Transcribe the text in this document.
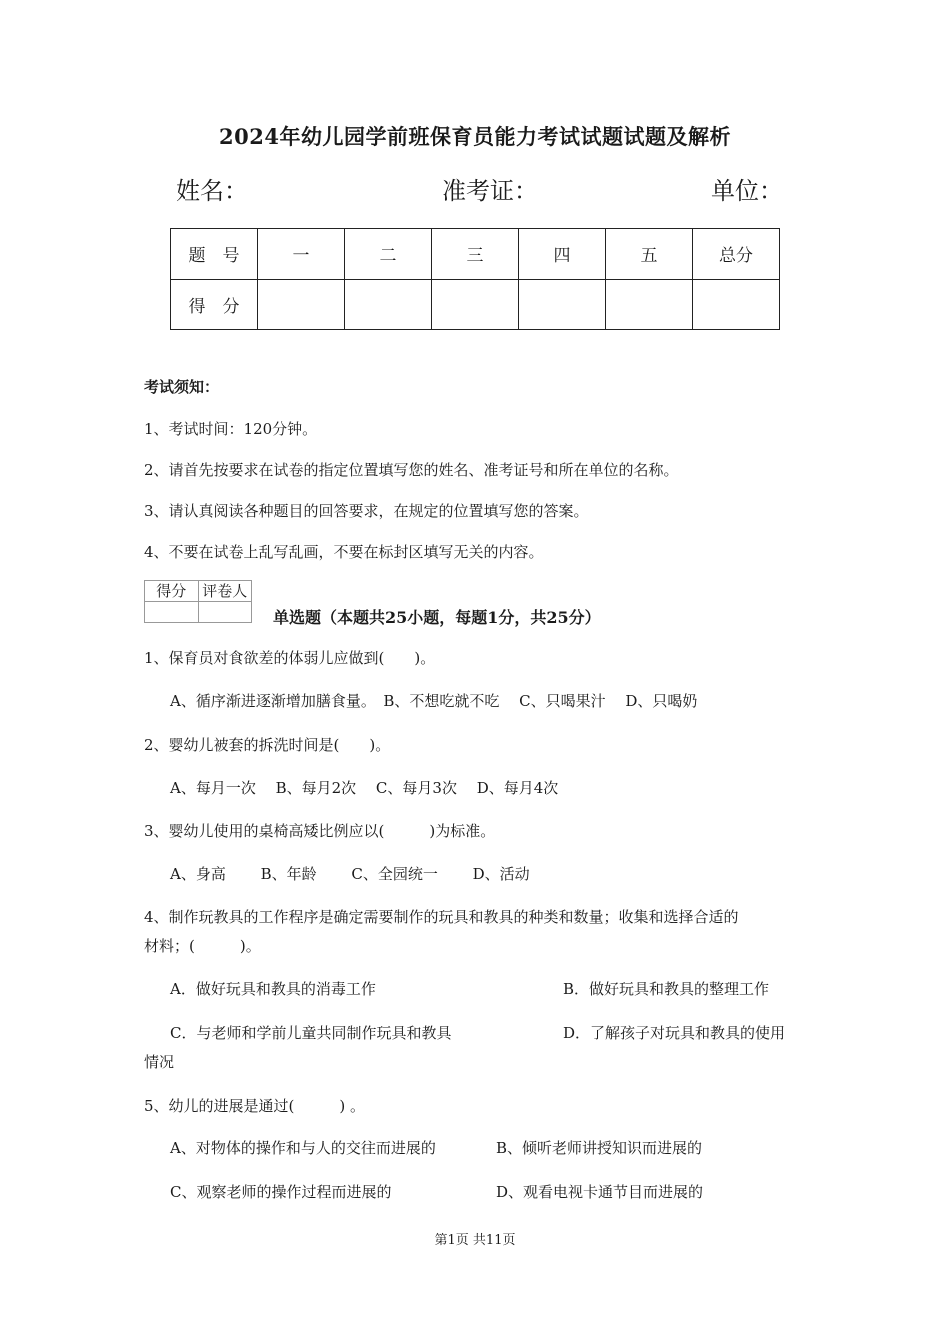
2024年幼儿园学前班保育员能力考试试题试题及解析
姓名：	准考证：	单位：
题　号	一	二	三	四	五	总分
得　分						
考试须知：
1、考试时间：120分钟。
2、请首先按要求在试卷的指定位置填写您的姓名、准考证号和所在单位的名称。
3、请认真阅读各种题目的回答要求，在规定的位置填写您的答案。
4、不要在试卷上乱写乱画，不要在标封区填写无关的内容。
得分	评卷人

单选题（本题共25小题，每题1分，共25分）
1、保育员对食欲差的体弱儿应做到(　　)。
A、循序渐进逐渐增加膳食量。　B、不想吃就不吃　 C、只喝果汁　 D、只喝奶
2、婴幼儿被套的拆洗时间是(　　)。
A、每月一次　 B、每月2次　 C、每月3次　 D、每月4次
3、婴幼儿使用的桌椅高矮比例应以(　　　)为标准。
A、身高　　 B、年龄　　 C、全园统一　　 D、活动
4、制作玩教具的工作程序是确定需要制作的玩具和教具的种类和数量；收集和选择合适的
材料；(　　　)。
A．做好玩具和教具的消毒工作	B．做好玩具和教具的整理工作
C．与老师和学前儿童共同制作玩具和教具	D．了解孩子对玩具和教具的使用
情况
5、幼儿的进展是通过(　　　) 。
A、对物体的操作和与人的交往而进展的	B、倾听老师讲授知识而进展的
C、观察老师的操作过程而进展的	D、观看电视卡通节目而进展的
第1页 共11页
